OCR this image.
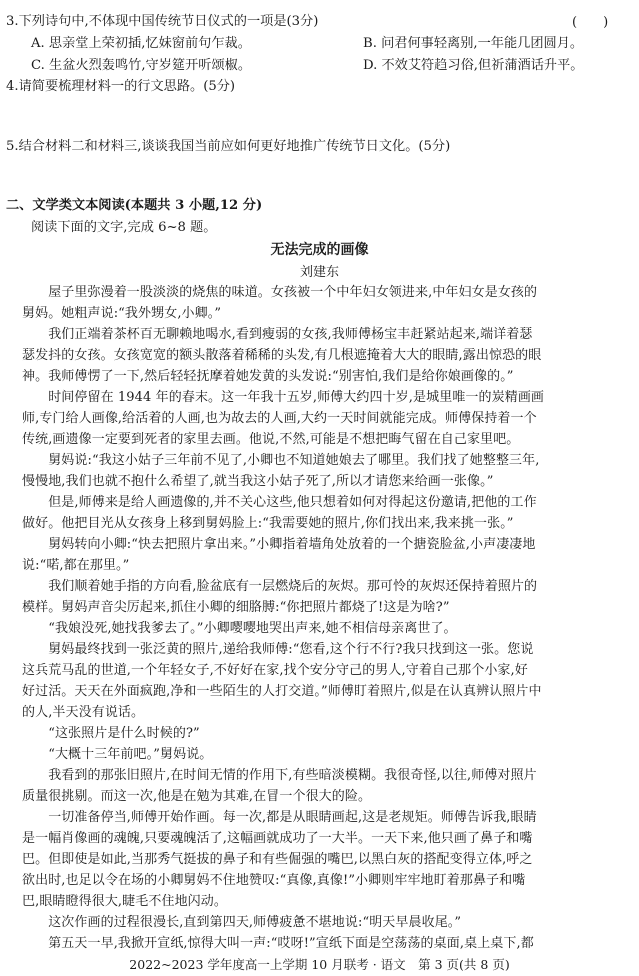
3.下列诗句中,不体现中国传统节日仪式的一项是(3分)	(　　)
A. 思亲堂上荣初插,忆妹窗前句乍裁。	B. 问君何事轻离别,一年能几团圆月。
C. 生盆火烈轰鸣竹,守岁筵开听颂椒。	D. 不效艾符趋习俗,但祈蒲酒话升平。
4.请简要梳理材料一的行文思路。(5分)
5.结合材料二和材料三,谈谈我国当前应如何更好地推广传统节日文化。(5分)
二、文学类文本阅读(本题共 3 小题,12 分)
阅读下面的文字,完成 6~8 题。
无法完成的画像
刘建东
　　屋子里弥漫着一股淡淡的烧焦的味道。女孩被一个中年妇女领进来,中年妇女是女孩的
舅妈。她粗声说:“我外甥女,小卿。”
　　我们正端着茶杯百无聊赖地喝水,看到瘦弱的女孩,我师傅杨宝丰赶紧站起来,端详着瑟
瑟发抖的女孩。女孩宽宽的额头散落着稀稀的头发,有几根遮掩着大大的眼睛,露出惊恐的眼
神。我师傅愣了一下,然后轻轻抚摩着她发黄的头发说:“别害怕,我们是给你娘画像的。”
　　时间停留在 1944 年的春末。这一年我十五岁,师傅大约四十岁,是城里唯一的炭精画画
师,专门给人画像,给活着的人画,也为故去的人画,大约一天时间就能完成。师傅保持着一个
传统,画遗像一定要到死者的家里去画。他说,不然,可能是不想把晦气留在自己家里吧。
　　舅妈说:“我这小姑子三年前不见了,小卿也不知道她娘去了哪里。我们找了她整整三年,
慢慢地,我们也就不抱什么希望了,就当我这小姑子死了,所以才请您来给画一张像。”
　　但是,师傅来是给人画遗像的,并不关心这些,他只想着如何对得起这份邀请,把他的工作
做好。他把目光从女孩身上移到舅妈脸上:“我需要她的照片,你们找出来,我来挑一张。”
　　舅妈转向小卿:“快去把照片拿出来。”小卿指着墙角处放着的一个搪瓷脸盆,小声凄凄地
说:“喏,都在那里。”
　　我们顺着她手指的方向看,脸盆底有一层燃烧后的灰烬。那可怜的灰烬还保持着照片的
模样。舅妈声音尖厉起来,抓住小卿的细胳膊:“你把照片都烧了!这是为啥?”
　　“我娘没死,她找我爹去了。”小卿嘤嘤地哭出声来,她不相信母亲离世了。
　　舅妈最终找到一张泛黄的照片,递给我师傅:“您看,这个行不行?我只找到这一张。您说
这兵荒马乱的世道,一个年轻女子,不好好在家,找个安分守己的男人,守着自己那个小家,好
好过活。天天在外面疯跑,净和一些陌生的人打交道。”师傅盯着照片,似是在认真辨认照片中
的人,半天没有说话。
　　“这张照片是什么时候的?”
　　“大概十三年前吧。”舅妈说。
　　我看到的那张旧照片,在时间无情的作用下,有些暗淡模糊。我很奇怪,以往,师傅对照片
质量很挑剔。而这一次,他是在勉为其难,在冒一个很大的险。
　　一切准备停当,师傅开始作画。每一次,都是从眼睛画起,这是老规矩。师傅告诉我,眼睛
是一幅肖像画的魂魄,只要魂魄活了,这幅画就成功了一大半。一天下来,他只画了鼻子和嘴
巴。但即使是如此,当那秀气挺拔的鼻子和有些倔强的嘴巴,以黑白灰的搭配变得立体,呼之
欲出时,也足以令在场的小卿舅妈不住地赞叹:“真像,真像!”小卿则牢牢地盯着那鼻子和嘴
巴,眼睛瞪得很大,睫毛不住地闪动。
　　这次作画的过程很漫长,直到第四天,师傅疲惫不堪地说:“明天早晨收尾。”
　　第五天一早,我掀开宣纸,惊得大叫一声:“哎呀!”宣纸下面是空荡荡的桌面,桌上桌下,都
2022~2023 学年度高一上学期 10 月联考 · 语文　第 3 页(共 8 页)
